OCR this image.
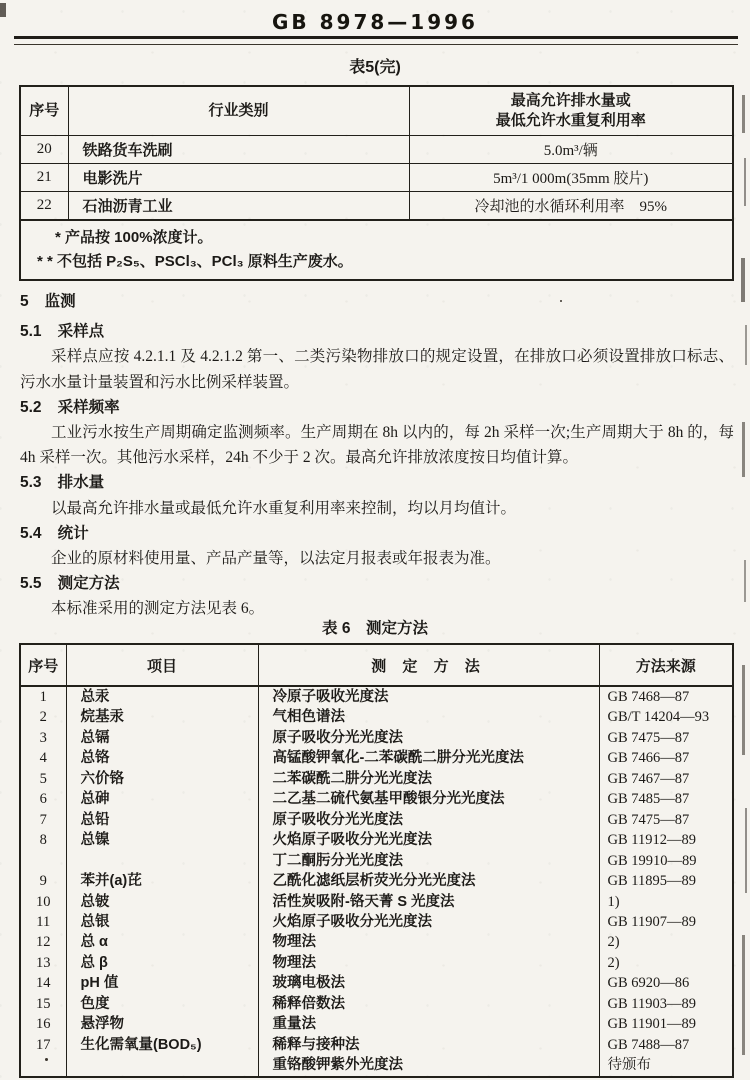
GB 8978—1996
表5(完)
序号	行业类别	最高允许排水量或
最低允许水重复利用率

20	铁路货车洗刷	5.0m³/辆
21	电影洗片	5m³/1 000m(35mm 胶片)
22	石油沥青工业	冷却池的水循环利用率　95%

* 产品按 100%浓度计。
* * 不包括 P₂S₅、PSCl₃、PCl₃ 原料生产废水。		
5 监测
5.1 采样点

采样点应按 4.2.1.1 及 4.2.1.2 第一、二类污染物排放口的规定设置，在排放口必须设置排放口标志、污水水量计量装置和污水比例采样装置。

5.2 采样频率

工业污水按生产周期确定监测频率。生产周期在 8h 以内的，每 2h 采样一次;生产周期大于 8h 的，每 4h 采样一次。其他污水采样，24h 不少于 2 次。最高允许排放浓度按日均值计算。

5.3 排水量

以最高允许排水量或最低允许水重复利用率来控制，均以月均值计。

5.4 统计

企业的原材料使用量、产品产量等，以法定月报表或年报表为准。

5.5 测定方法

本标准采用的测定方法见表 6。

表 6　测定方法
序号	项目	测 定 方 法	方法来源
1	总汞	冷原子吸收光度法	GB 7468—87
2	烷基汞	气相色谱法	GB/T 14204—93
3	总镉	原子吸收分光光度法	GB 7475—87
4	总铬	高锰酸钾氧化-二苯碳酰二肼分光光度法	GB 7466—87
5	六价铬	二苯碳酰二肼分光光度法	GB 7467—87
6	总砷	二乙基二硫代氨基甲酸银分光光度法	GB 7485—87
7	总铅	原子吸收分光光度法	GB 7475—87
8	总镍	火焰原子吸收分光光度法	GB 11912—89
		丁二酮肟分光光度法	GB 19910—89
9	苯并(a)芘	乙酰化滤纸层析荧光分光光度法	GB 11895—89
10	总铍	活性炭吸附-铬天菁 S 光度法	1)
11	总银	火焰原子吸收分光光度法	GB 11907—89
12	总 α	物理法	2)
13	总 β	物理法	2)
14	pH 值	玻璃电极法	GB 6920—86
15	色度	稀释倍数法	GB 11903—89
16	悬浮物	重量法	GB 11901—89
17	生化需氧量(BOD₅)	稀释与接种法	GB 7488—87
		重铬酸钾紫外光度法	待颁布
